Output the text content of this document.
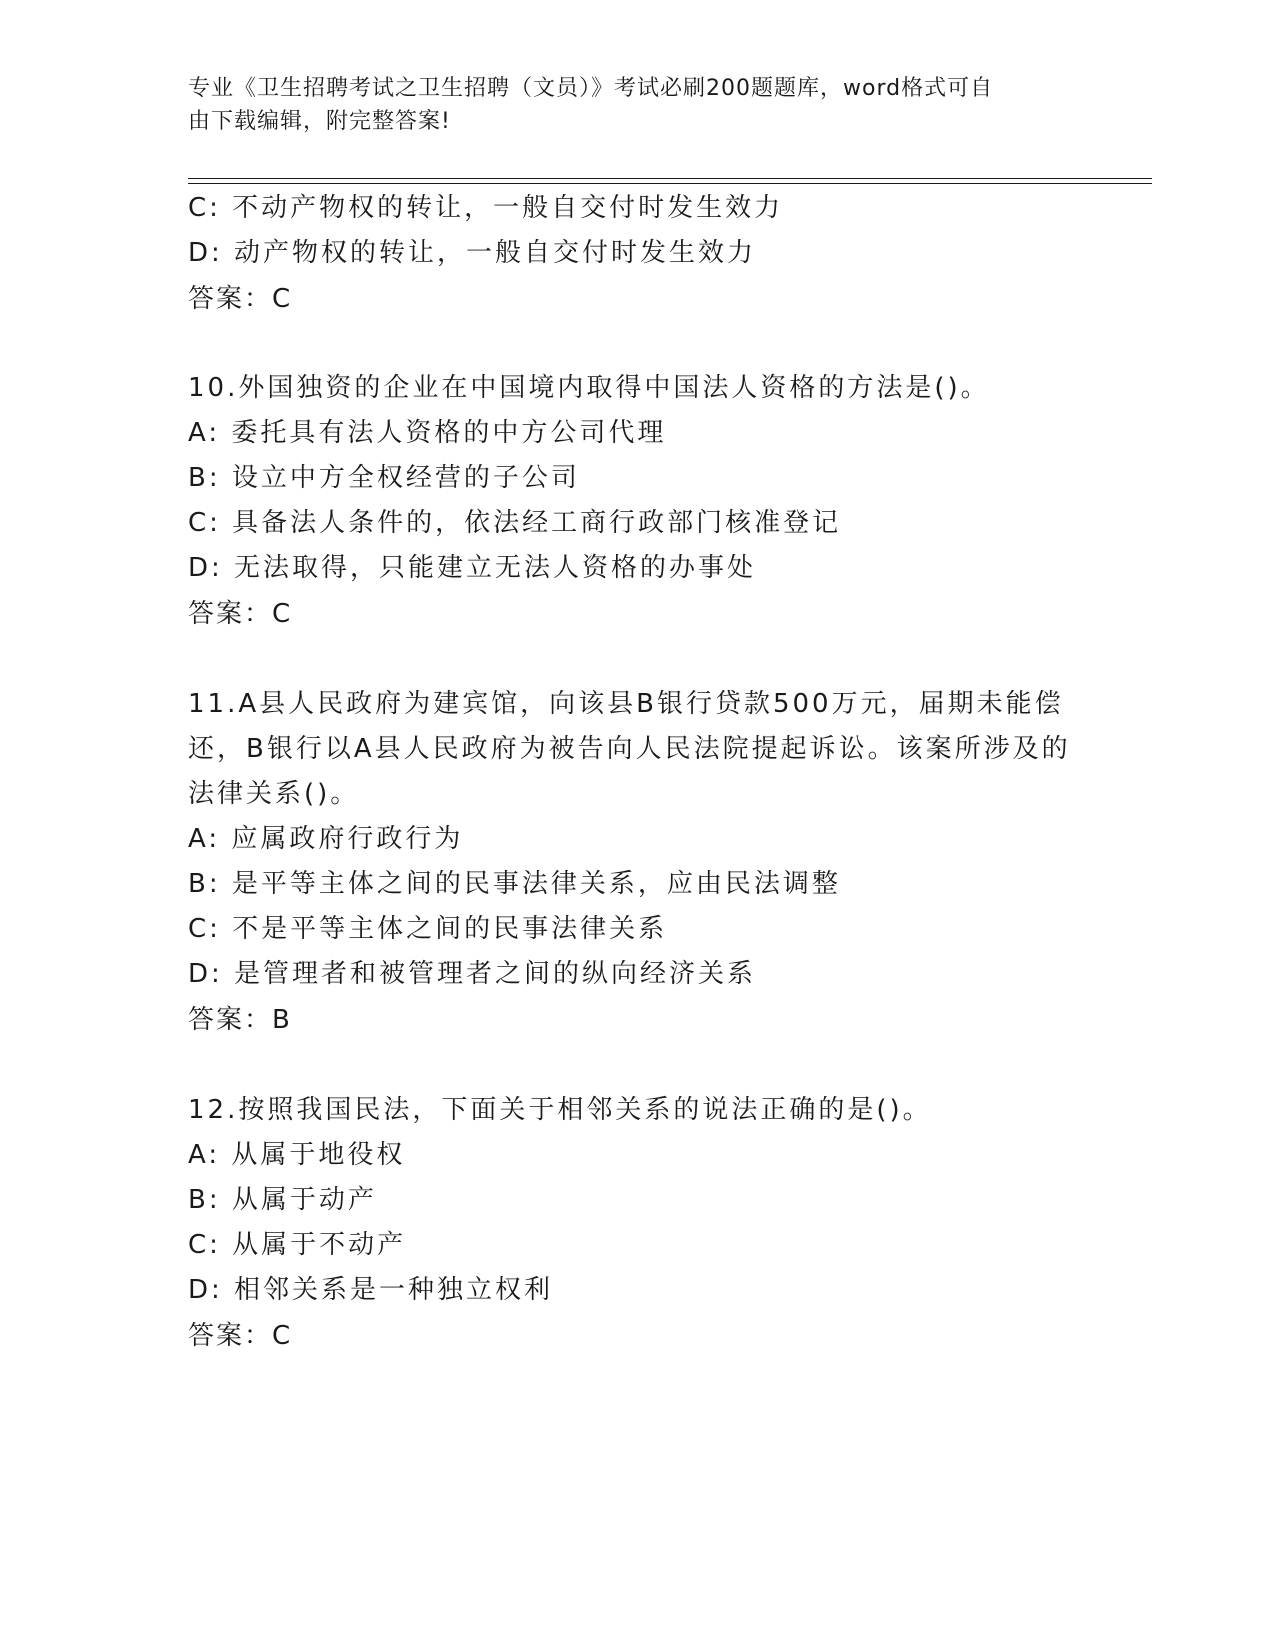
专业《卫生招聘考试之卫生招聘（文员）》考试必刷200题题库，word格式可自
由下载编辑，附完整答案!
C: 不动产物权的转让，一般自交付时发生效力
D: 动产物权的转让，一般自交付时发生效力
答案：C
10.外国独资的企业在中国境内取得中国法人资格的方法是()。
A: 委托具有法人资格的中方公司代理
B: 设立中方全权经营的子公司
C: 具备法人条件的，依法经工商行政部门核准登记
D: 无法取得，只能建立无法人资格的办事处
答案：C
11.A县人民政府为建宾馆，向该县B银行贷款500万元，届期未能偿
还，B银行以A县人民政府为被告向人民法院提起诉讼。该案所涉及的
法律关系()。
A: 应属政府行政行为
B: 是平等主体之间的民事法律关系，应由民法调整
C: 不是平等主体之间的民事法律关系
D: 是管理者和被管理者之间的纵向经济关系
答案：B
12.按照我国民法，下面关于相邻关系的说法正确的是()。
A: 从属于地役权
B: 从属于动产
C: 从属于不动产
D: 相邻关系是一种独立权利
答案：C
